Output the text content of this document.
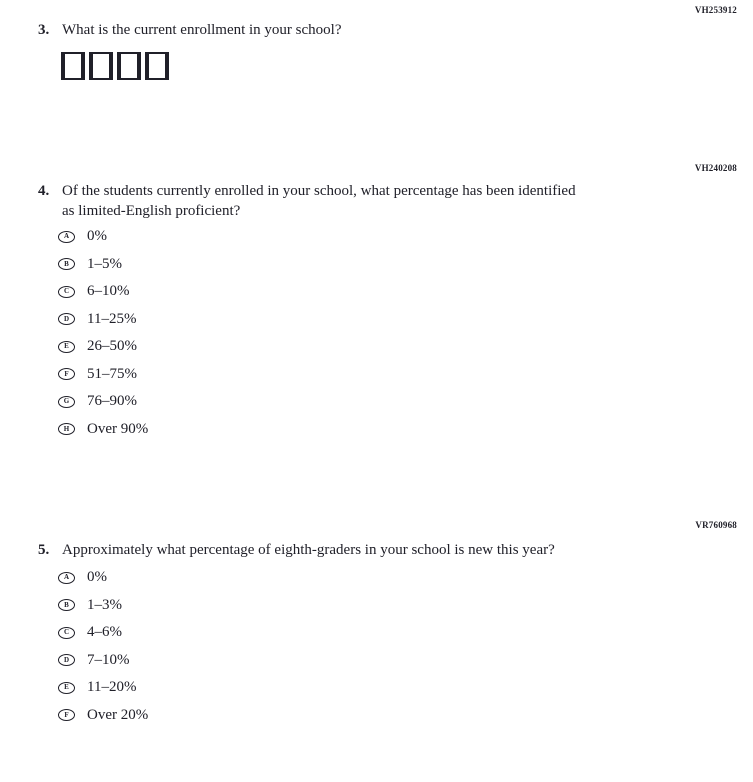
VH253912
3. What is the current enrollment in your school?
VH240208
4. Of the students currently enrolled in your school, what percentage has been identified as limited-English proficient?
A	0%
B	1–5%
C	6–10%
D	11–25%
E	26–50%
F	51–75%
G	76–90%
H	Over 90%
VR760968
5. Approximately what percentage of eighth-graders in your school is new this year?
A	0%
B	1–3%
C	4–6%
D	7–10%
E	11–20%
F	Over 20%
